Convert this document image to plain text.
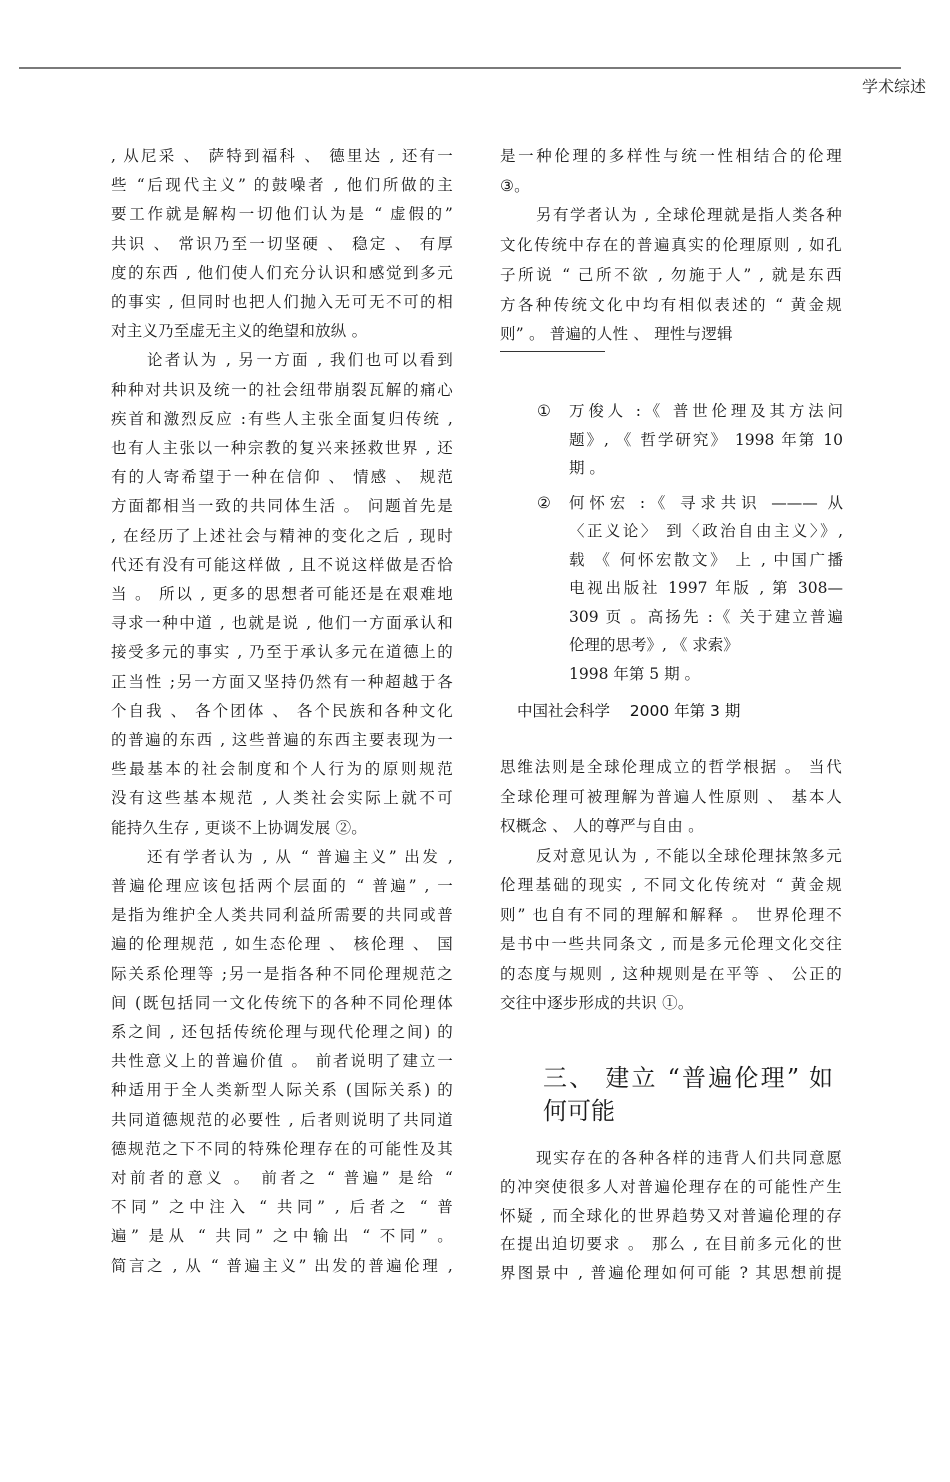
学术综述
, 从尼采 、 萨特到福科 、 德里达 , 还有一
些 “后现代主义” 的鼓噪者 , 他们所做的主
要工作就是解构一切他们认为是 “ 虚假的”
共识 、 常识乃至一切坚硬 、 稳定 、 有厚
度的东西 , 他们使人们充分认识和感觉到多元
的事实 , 但同时也把人们抛入无可无不可的相
对主义乃至虚无主义的绝望和放纵 。
论者认为 , 另一方面 , 我们也可以看到
种种对共识及统一的社会纽带崩裂瓦解的痛心
疾首和激烈反应 :有些人主张全面复归传统 ,
也有人主张以一种宗教的复兴来拯救世界 , 还
有的人寄希望于一种在信仰 、 情感 、 规范
方面都相当一致的共同体生活 。 问题首先是
, 在经历了上述社会与精神的变化之后 , 现时
代还有没有可能这样做 , 且不说这样做是否恰
当 。 所以 , 更多的思想者可能还是在艰难地
寻求一种中道 , 也就是说 , 他们一方面承认和
接受多元的事实 , 乃至于承认多元在道德上的
正当性 ;另一方面又坚持仍然有一种超越于各
个自我 、 各个团体 、 各个民族和各种文化
的普遍的东西 , 这些普遍的东西主要表现为一
些最基本的社会制度和个人行为的原则规范
没有这些基本规范 , 人类社会实际上就不可
能持久生存 , 更谈不上协调发展 ②。
还有学者认为 , 从 “ 普遍主义” 出发 ,
普遍伦理应该包括两个层面的 “ 普遍” , 一
是指为维护全人类共同利益所需要的共同或普
遍的伦理规范 , 如生态伦理 、 核伦理 、 国
际关系伦理等 ;另一是指各种不同伦理规范之
间 (既包括同一文化传统下的各种不同伦理体
系之间 , 还包括传统伦理与现代伦理之间) 的
共性意义上的普遍价值 。 前者说明了建立一
种适用于全人类新型人际关系 (国际关系) 的
共同道德规范的必要性 , 后者则说明了共同道
德规范之下不同的特殊伦理存在的可能性及其
对前者的意义 。 前者之 “ 普遍” 是给 “
不同” 之中注入 “ 共同” , 后者之 “ 普
遍” 是从 “ 共同” 之中输出 “ 不同” 。
简言之 , 从 “ 普遍主义” 出发的普遍伦理 ,
是一种伦理的多样性与统一性相结合的伦理
③。
另有学者认为 , 全球伦理就是指人类各种
文化传统中存在的普遍真实的伦理原则 , 如孔
子所说 “ 己所不欲 , 勿施于人” , 就是东西
方各种传统文化中均有相似表述的 “ 黄金规
则” 。 普遍的人性 、 理性与逻辑
① 万俊人 :《 普世伦理及其方法问
题》, 《 哲学研究》 1998 年第 10
期 。
② 何怀宏 :《 寻求共识 ——— 从
〈正义论〉 到〈政治自由主义〉》,
载 《 何怀宏散文》 上 , 中国广播
电视出版社 1997 年版 , 第 308—
309 页 。高扬先 :《 关于建立普遍
伦理的思考》, 《 求索》
1998 年第 5 期 。
中国社会科学 2000 年第 3 期
思维法则是全球伦理成立的哲学根据 。 当代
全球伦理可被理解为普遍人性原则 、 基本人
权概念 、 人的尊严与自由 。
反对意见认为 , 不能以全球伦理抹煞多元
伦理基础的现实 , 不同文化传统对 “ 黄金规
则” 也自有不同的理解和解释 。 世界伦理不
是书中一些共同条文 , 而是多元伦理文化交往
的态度与规则 , 这种规则是在平等 、 公正的
交往中逐步形成的共识 ①。
三、 建立 “普遍伦理” 如
何可能
现实存在的各种各样的违背人们共同意愿
的冲突使很多人对普遍伦理存在的可能性产生
怀疑 , 而全球化的世界趋势又对普遍伦理的存
在提出迫切要求 。 那么 , 在目前多元化的世
界图景中 , 普遍伦理如何可能 ? 其思想前提
